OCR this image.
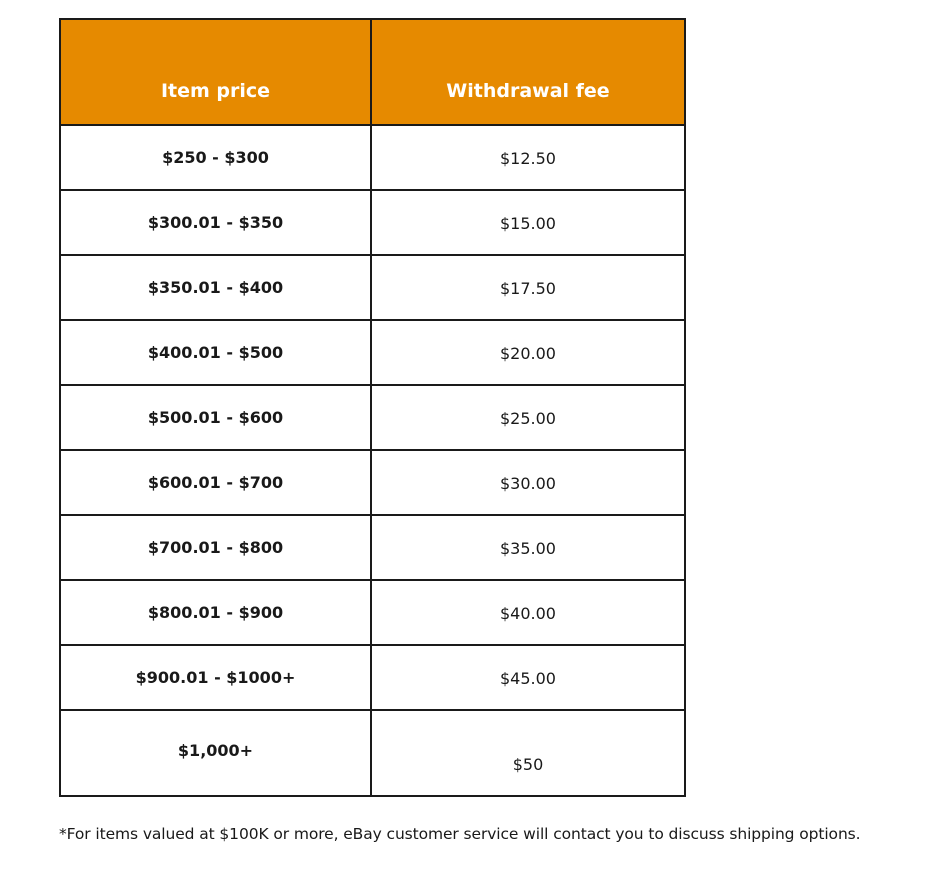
Item price	Withdrawal fee
$250 - $300	$12.50
$300.01 - $350	$15.00
$350.01 - $400	$17.50
$400.01 - $500	$20.00
$500.01 - $600	$25.00
$600.01 - $700	$30.00
$700.01 - $800	$35.00
$800.01 - $900	$40.00
$900.01 - $1000+	$45.00
$1,000+	$50
*For items valued at $100K or more, eBay customer service will contact you to discuss shipping options.
